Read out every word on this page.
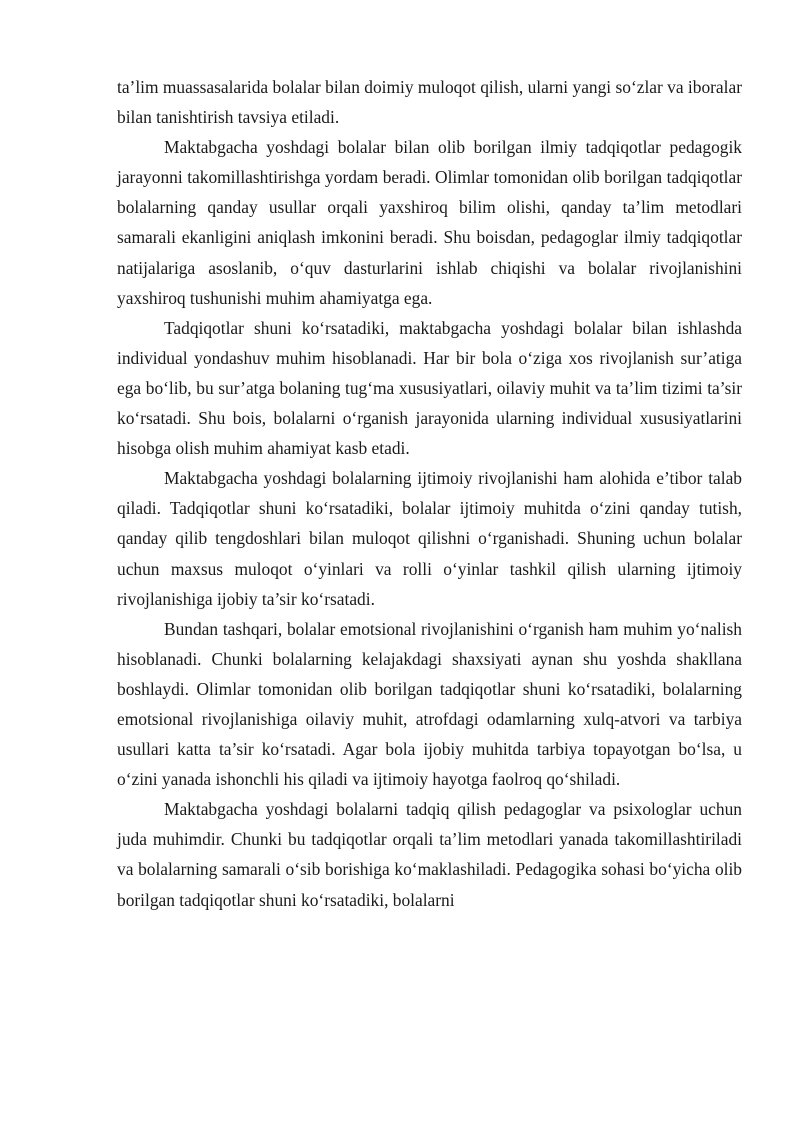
ta’lim muassasalarida bolalar bilan doimiy muloqot qilish, ularni yangi so‘zlar va iboralar bilan tanishtirish tavsiya etiladi.

Maktabgacha yoshdagi bolalar bilan olib borilgan ilmiy tadqiqotlar pedagogik jarayonni takomillashtirishga yordam beradi. Olimlar tomonidan olib borilgan tadqiqotlar bolalarning qanday usullar orqali yaxshiroq bilim olishi, qanday ta’lim metodlari samarali ekanligini aniqlash imkonini beradi. Shu boisdan, pedagoglar ilmiy tadqiqotlar natijalariga asoslanib, o‘quv dasturlarini ishlab chiqishi va bolalar rivojlanishini yaxshiroq tushunishi muhim ahamiyatga ega.

Tadqiqotlar shuni ko‘rsatadiki, maktabgacha yoshdagi bolalar bilan ishlashda individual yondashuv muhim hisoblanadi. Har bir bola o‘ziga xos rivojlanish sur’atiga ega bo‘lib, bu sur’atga bolaning tug‘ma xususiyatlari, oilaviy muhit va ta’lim tizimi ta’sir ko‘rsatadi. Shu bois, bolalarni o‘rganish jarayonida ularning individual xususiyatlarini hisobga olish muhim ahamiyat kasb etadi.

Maktabgacha yoshdagi bolalarning ijtimoiy rivojlanishi ham alohida e’tibor talab qiladi. Tadqiqotlar shuni ko‘rsatadiki, bolalar ijtimoiy muhitda o‘zini qanday tutish, qanday qilib tengdoshlari bilan muloqot qilishni o‘rganishadi. Shuning uchun bolalar uchun maxsus muloqot o‘yinlari va rolli o‘yinlar tashkil qilish ularning ijtimoiy rivojlanishiga ijobiy ta’sir ko‘rsatadi.

Bundan tashqari, bolalar emotsional rivojlanishini o‘rganish ham muhim yo‘nalish hisoblanadi. Chunki bolalarning kelajakdagi shaxsiyati aynan shu yoshda shakllana boshlaydi. Olimlar tomonidan olib borilgan tadqiqotlar shuni ko‘rsatadiki, bolalarning emotsional rivojlanishiga oilaviy muhit, atrofdagi odamlarning xulq-atvori va tarbiya usullari katta ta’sir ko‘rsatadi. Agar bola ijobiy muhitda tarbiya topayotgan bo‘lsa, u o‘zini yanada ishonchli his qiladi va ijtimoiy hayotga faolroq qo‘shiladi.

Maktabgacha yoshdagi bolalarni tadqiq qilish pedagoglar va psixologlar uchun juda muhimdir. Chunki bu tadqiqotlar orqali ta’lim metodlari yanada takomillashtiriladi va bolalarning samarali o‘sib borishiga ko‘maklashiladi. Pedagogika sohasi bo‘yicha olib borilgan tadqiqotlar shuni ko‘rsatadiki, bolalarni
